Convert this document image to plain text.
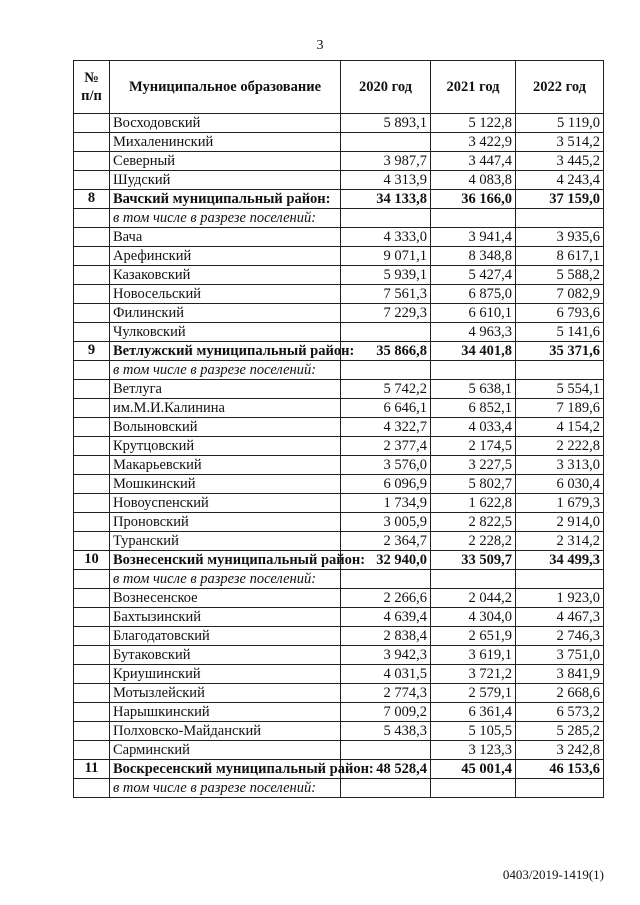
3
№ п/п	Муниципальное образование	2020 год	2021 год	2022 год
	Восходовский	5 893,1	5 122,8	5 119,0
	Михаленинский		3 422,9	3 514,2
	Северный	3 987,7	3 447,4	3 445,2
	Шудский	4 313,9	4 083,8	4 243,4
8	Вачский муниципальный район:	34 133,8	36 166,0	37 159,0
	в том числе в разрезе поселений:			
	Вача	4 333,0	3 941,4	3 935,6
	Арефинский	9 071,1	8 348,8	8 617,1
	Казаковский	5 939,1	5 427,4	5 588,2
	Новосельский	7 561,3	6 875,0	7 082,9
	Филинский	7 229,3	6 610,1	6 793,6
	Чулковский		4 963,3	5 141,6
9	Ветлужский муниципальный район:	35 866,8	34 401,8	35 371,6
	в том числе в разрезе поселений:			
	Ветлуга	5 742,2	5 638,1	5 554,1
	им.М.И.Калинина	6 646,1	6 852,1	7 189,6
	Волыновский	4 322,7	4 033,4	4 154,2
	Крутцовский	2 377,4	2 174,5	2 222,8
	Макарьевский	3 576,0	3 227,5	3 313,0
	Мошкинский	6 096,9	5 802,7	6 030,4
	Новоуспенский	1 734,9	1 622,8	1 679,3
	Проновский	3 005,9	2 822,5	2 914,0
	Туранский	2 364,7	2 228,2	2 314,2
10	Вознесенский муниципальный район:	32 940,0	33 509,7	34 499,3
	в том числе в разрезе поселений:			
	Вознесенское	2 266,6	2 044,2	1 923,0
	Бахтызинский	4 639,4	4 304,0	4 467,3
	Благодатовский	2 838,4	2 651,9	2 746,3
	Бутаковский	3 942,3	3 619,1	3 751,0
	Криушинский	4 031,5	3 721,2	3 841,9
	Мотызлейский	2 774,3	2 579,1	2 668,6
	Нарышкинский	7 009,2	6 361,4	6 573,2
	Полховско-Майданский	5 438,3	5 105,5	5 285,2
	Сарминский		3 123,3	3 242,8
11	Воскресенский муниципальный район:	48 528,4	45 001,4	46 153,6
	в том числе в разрезе поселений:			
0403/2019-1419(1)
